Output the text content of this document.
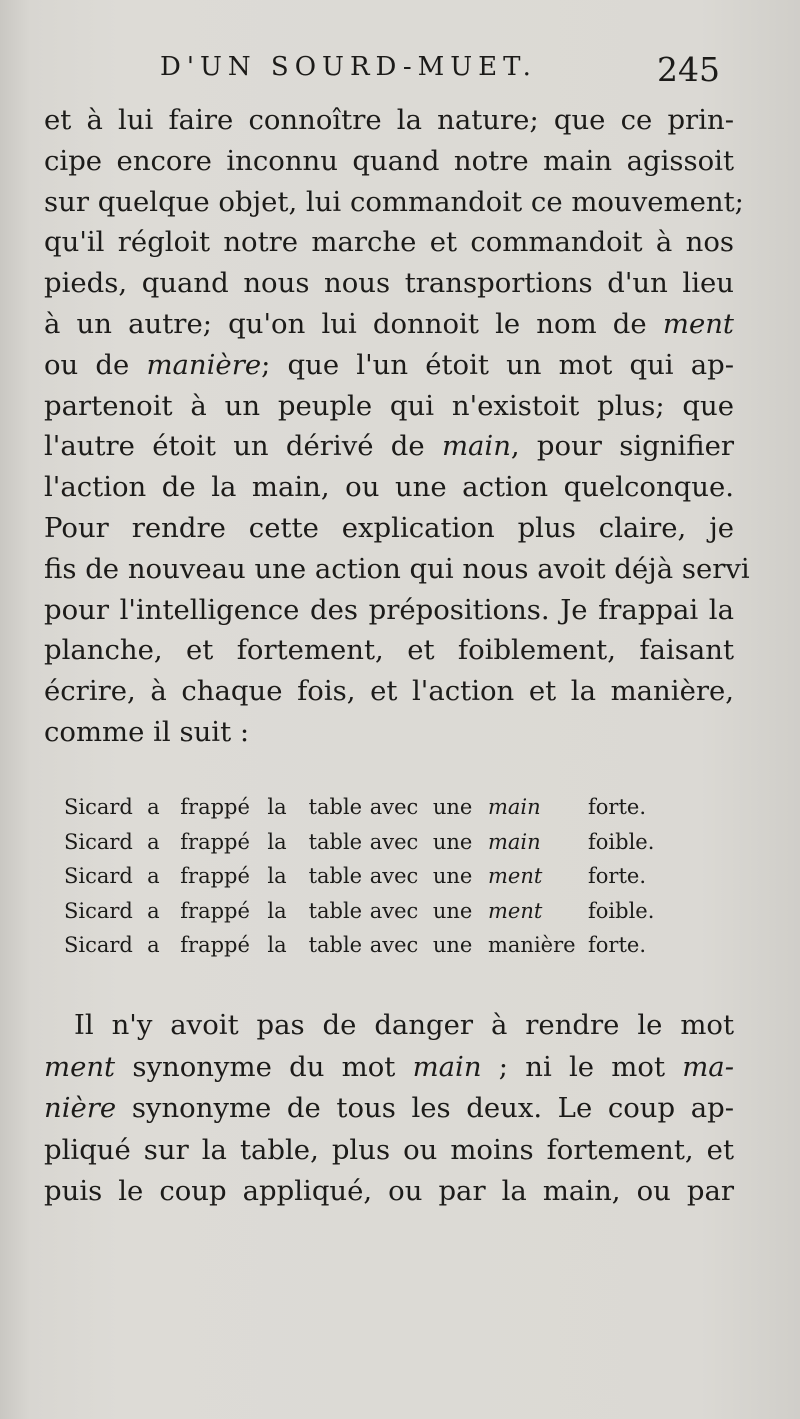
D'UN SOURD-MUET.	245
et à lui faire connoître la nature; que ce prin-
cipe encore inconnu quand notre main agissoit
sur quelque objet, lui commandoit ce mouvement;
qu'il régloit notre marche et commandoit à nos
pieds, quand nous nous transportions d'un lieu
à un autre; qu'on lui donnoit le nom de ment
ou de manière; que l'un étoit un mot qui ap-
partenoit à un peuple qui n'existoit plus; que
l'autre étoit un dérivé de main, pour signifier
l'action de la main, ou une action quelconque.
Pour rendre cette explication plus claire, je
fis de nouveau une action qui nous avoit déjà servi
pour l'intelligence des prépositions. Je frappai la
planche, et fortement, et foiblement, faisant
écrire, à chaque fois, et l'action et la manière,
comme il suit :
Sicard a frappé la	table avec une main	forte.
Sicard a frappé la	table avec une main	foible.
Sicard a frappé la	table avec une ment	forte.
Sicard a frappé la	table avec une ment	foible.
Sicard a frappé la	table avec une manière forte.
Il n'y avoit pas de danger à rendre le mot
ment synonyme du mot main ; ni le mot ma-
nière synonyme de tous les deux. Le coup ap-
pliqué sur la table, plus ou moins fortement, et
puis le coup appliqué, ou par la main, ou par
